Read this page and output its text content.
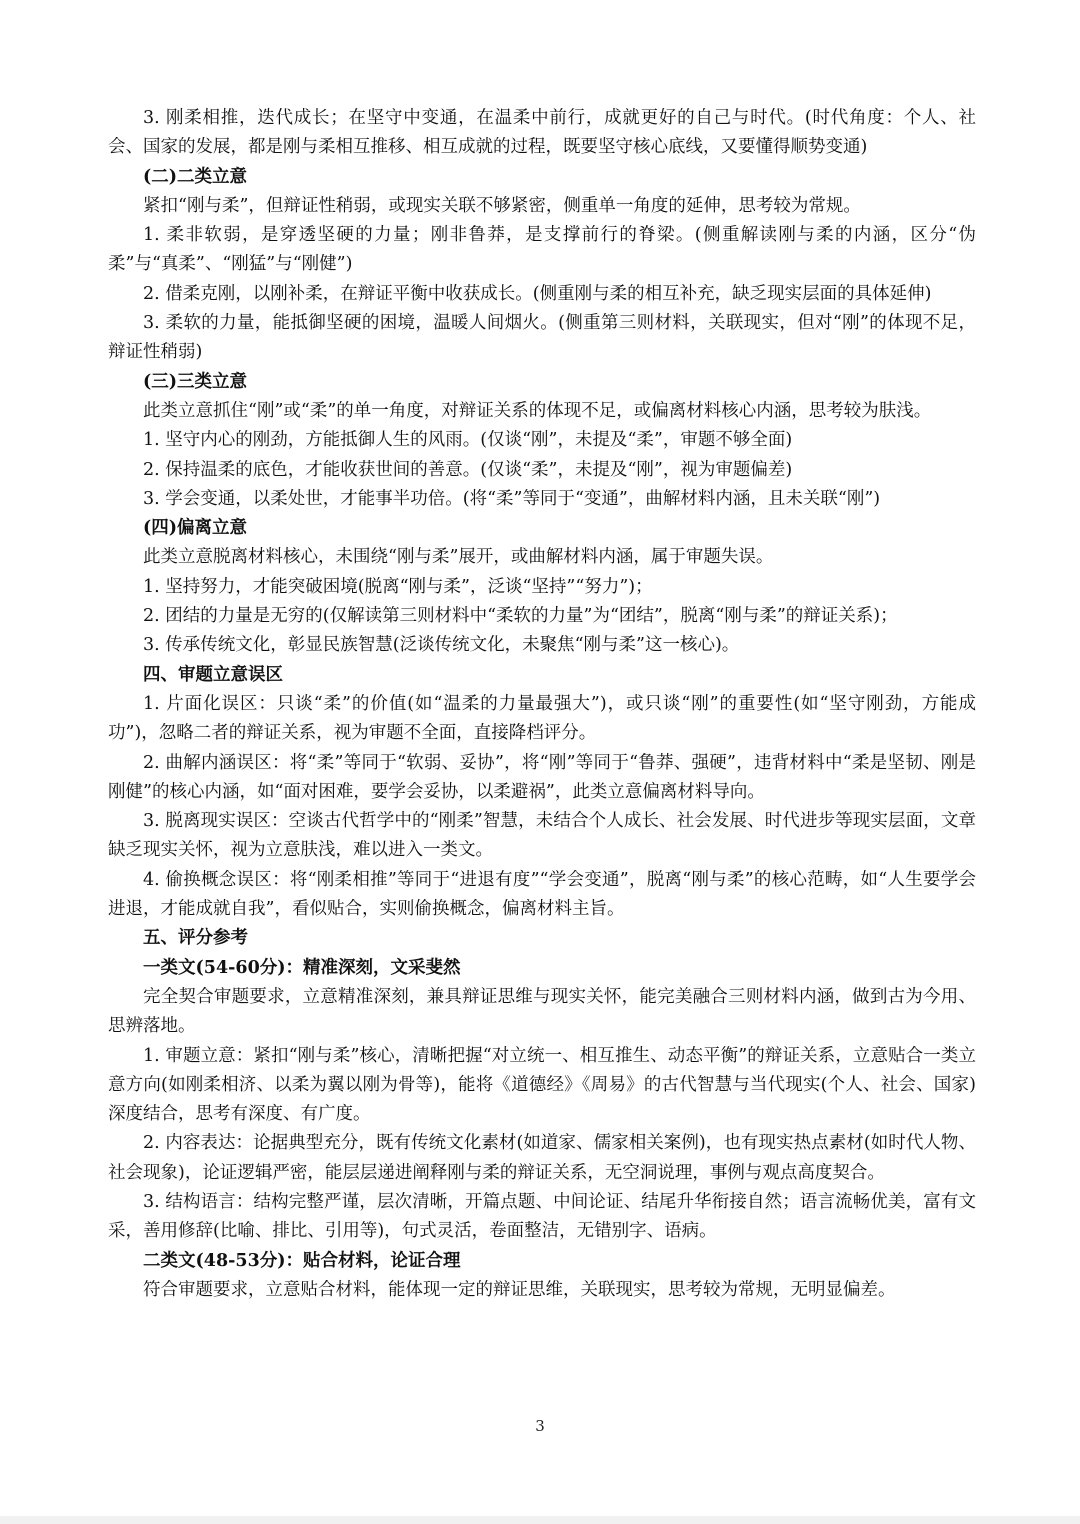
3. 刚柔相推，迭代成长；在坚守中变通，在温柔中前行，成就更好的自己与时代。(时代角度：个人、社会、国家的发展，都是刚与柔相互推移、相互成就的过程，既要坚守核心底线，又要懂得顺势变通)

(二)二类立意

紧扣“刚与柔”，但辩证性稍弱，或现实关联不够紧密，侧重单一角度的延伸，思考较为常规。

1. 柔非软弱，是穿透坚硬的力量；刚非鲁莽，是支撑前行的脊梁。(侧重解读刚与柔的内涵，区分“伪柔”与“真柔”、“刚猛”与“刚健”)

2. 借柔克刚，以刚补柔，在辩证平衡中收获成长。(侧重刚与柔的相互补充，缺乏现实层面的具体延伸)

3. 柔软的力量，能抵御坚硬的困境，温暖人间烟火。(侧重第三则材料，关联现实，但对“刚”的体现不足，辩证性稍弱)

(三)三类立意

此类立意抓住“刚”或“柔”的单一角度，对辩证关系的体现不足，或偏离材料核心内涵，思考较为肤浅。

1. 坚守内心的刚劲，方能抵御人生的风雨。(仅谈“刚”，未提及“柔”，审题不够全面)

2. 保持温柔的底色，才能收获世间的善意。(仅谈“柔”，未提及“刚”，视为审题偏差)

3. 学会变通，以柔处世，才能事半功倍。(将“柔”等同于“变通”，曲解材料内涵，且未关联“刚”)

(四)偏离立意

此类立意脱离材料核心，未围绕“刚与柔”展开，或曲解材料内涵，属于审题失误。

1. 坚持努力，才能突破困境(脱离“刚与柔”，泛谈“坚持”“努力”)；

2. 团结的力量是无穷的(仅解读第三则材料中“柔软的力量”为“团结”，脱离“刚与柔”的辩证关系)；

3. 传承传统文化，彰显民族智慧(泛谈传统文化，未聚焦“刚与柔”这一核心)。

四、审题立意误区

1. 片面化误区：只谈“柔”的价值(如“温柔的力量最强大”)，或只谈“刚”的重要性(如“坚守刚劲，方能成功”)，忽略二者的辩证关系，视为审题不全面，直接降档评分。

2. 曲解内涵误区：将“柔”等同于“软弱、妥协”，将“刚”等同于“鲁莽、强硬”，违背材料中“柔是坚韧、刚是刚健”的核心内涵，如“面对困难，要学会妥协，以柔避祸”，此类立意偏离材料导向。

3. 脱离现实误区：空谈古代哲学中的“刚柔”智慧，未结合个人成长、社会发展、时代进步等现实层面，文章缺乏现实关怀，视为立意肤浅，难以进入一类文。

4. 偷换概念误区：将“刚柔相推”等同于“进退有度”“学会变通”，脱离“刚与柔”的核心范畴，如“人生要学会进退，才能成就自我”，看似贴合，实则偷换概念，偏离材料主旨。

五、评分参考

一类文(54-60分)：精准深刻，文采斐然

完全契合审题要求，立意精准深刻，兼具辩证思维与现实关怀，能完美融合三则材料内涵，做到古为今用、思辨落地。

1. 审题立意：紧扣“刚与柔”核心，清晰把握“对立统一、相互推生、动态平衡”的辩证关系，立意贴合一类立意方向(如刚柔相济、以柔为翼以刚为骨等)，能将《道德经》《周易》的古代智慧与当代现实(个人、社会、国家)深度结合，思考有深度、有广度。

2. 内容表达：论据典型充分，既有传统文化素材(如道家、儒家相关案例)，也有现实热点素材(如时代人物、社会现象)，论证逻辑严密，能层层递进阐释刚与柔的辩证关系，无空洞说理，事例与观点高度契合。

3. 结构语言：结构完整严谨，层次清晰，开篇点题、中间论证、结尾升华衔接自然；语言流畅优美，富有文采，善用修辞(比喻、排比、引用等)，句式灵活，卷面整洁，无错别字、语病。

二类文(48-53分)：贴合材料，论证合理

符合审题要求，立意贴合材料，能体现一定的辩证思维，关联现实，思考较为常规，无明显偏差。

3
